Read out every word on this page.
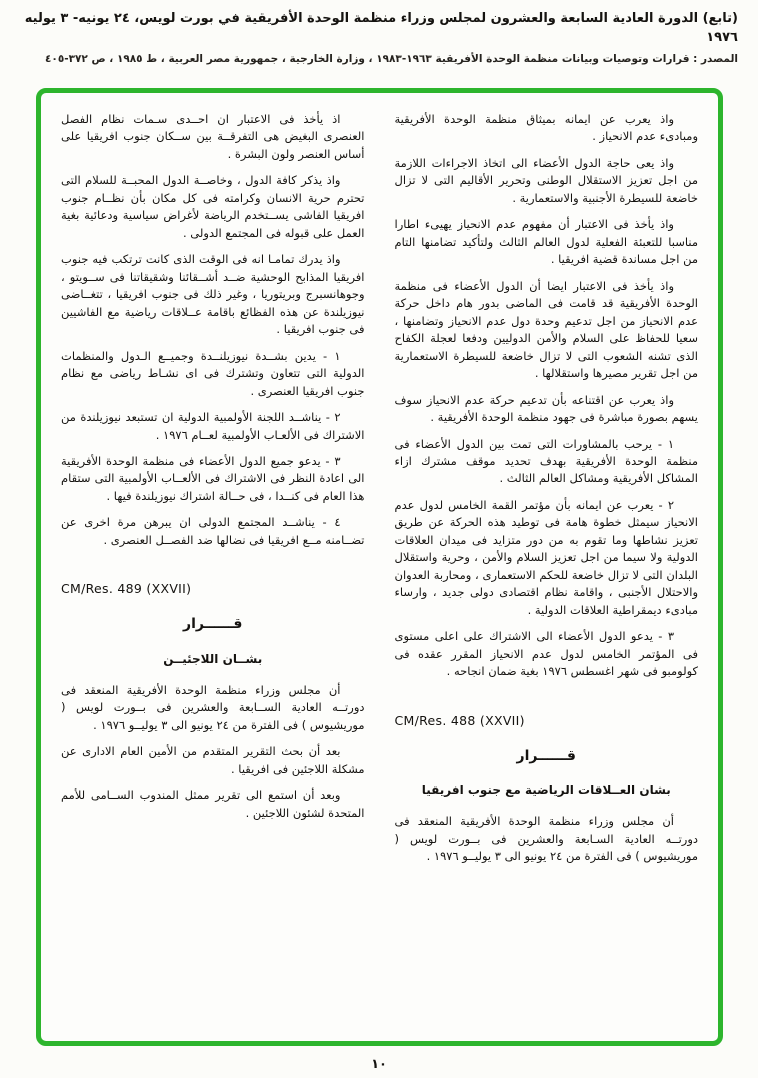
(تابع) الدورة العادية السابعة والعشرون لمجلس وزراء منظمة الوحدة الأفريقية في بورت لويس، ٢٤ يونيه- ٣ يوليه ١٩٧٦
المصدر : قرارات وتوصيات وبيانات منظمة الوحدة الأفريقية ١٩٦٣-١٩٨٣ ، وزارة الخارجية ، جمهورية مصر العربية ، ط ١٩٨٥ ، ص ٣٧٢-٤٠٥

واذ يعرب عن ايمانه بميثاق منظمة الوحدة الأفريقية ومبادىء عدم الانحياز .

واذ يعى حاجة الدول الأعضاء الى اتخاذ الاجراءات اللازمة من اجل تعزيز الاستقلال الوطنى وتحرير الأقاليم التى لا تزال خاضعة للسيطرة الأجنبية والاستعمارية .

واذ يأخذ فى الاعتبار أن مفهوم عدم الانحياز يهيىء اطارا مناسبا للتعبئة الفعلية لدول العالم الثالث ولتأكيد تضامنها التام من اجل مساندة قضية افريقيا .

واذ يأخذ فى الاعتبار ايضا أن الدول الأعضاء فى منظمة الوحدة الأفريقية قد قامت فى الماضى بدور هام داخل حركة عدم الانحياز من اجل تدعيم وحدة دول عدم الانحياز وتضامنها ، سعيا للحفاظ على السلام والأمن الدوليين ودفعا لعجلة الكفاح الذى تشنه الشعوب التى لا تزال خاضعة للسيطرة الاستعمارية من اجل تقرير مصيرها واستقلالها .

واذ يعرب عن اقتناعه بأن تدعيم حركة عدم الانحياز سوف يسهم بصورة مباشرة فى جهود منظمة الوحدة الأفريقية .

١ - يرحب بالمشاورات التى تمت بين الدول الأعضاء فى منظمة الوحدة الأفريقية بهدف تحديد موقف مشترك ازاء المشاكل الأفريقية ومشاكل العالم الثالث .

٢ - يعرب عن ايمانه بأن مؤتمر القمة الخامس لدول عدم الانحياز سيمثل خطوة هامة فى توطيد هذه الحركة عن طريق تعزيز نشاطها وما تقوم به من دور متزايد فى ميدان العلاقات الدولية ولا سيما من اجل تعزيز السلام والأمن ، وحرية واستقلال البلدان التى لا تزال خاضعة للحكم الاستعمارى ، ومحاربة العدوان والاحتلال الأجنبى ، واقامة نظام اقتصادى دولى جديد ، وارساء مبادىء ديمقراطية العلاقات الدولية .

٣ - يدعو الدول الأعضاء الى الاشتراك على اعلى مستوى فى المؤتمر الخامس لدول عدم الانحياز المقرر عقده فى كولومبو فى شهر اغسطس ١٩٧٦ بغية ضمان انجاحه .

CM/Res. 488 (XXVII)
قــــــرار
بشان العــلاقات الرياضية مع جنوب افريقيا

أن مجلس وزراء منظمة الوحدة الأفريقية المنعقد فى دورتــه العادية السـابعة والعشرين فى بــورت لويس ( موريشيوس ) فى الفترة من ٢٤ يونيو الى ٣ يوليــو ١٩٧٦ .

اذ يأخذ فى الاعتبار ان احــدى سـمات نظام الفصل العنصرى البغيض هى التفرقــة بين ســكان جنوب افريقيا على أساس العنصر ولون البشرة .

واذ يذكر كافة الدول ، وخاصــة الدول المحبــة للسلام التى تحترم حرية الانسان وكرامته فى كل مكان بأن نظــام جنوب افريقيا الفاشى يســتخدم الرياضة لأغراض سياسية ودعائية بغية العمل على قبوله فى المجتمع الدولى .

واذ يدرك تمامـا انه فى الوقت الذى كانت ترتكب فيه جنوب افريقيا المذابح الوحشية ضــد أشــقائنا وشقيقاتنا فى ســويتو ، وجوهانسبرج وبريتوريا ، وغير ذلك فى جنوب افريقيا ، تتغــاضى نيوزيلندة عن هذه الفظائع باقامة عــلاقات رياضية مع الفاشيين فى جنوب افريقيا .

١ - يدين بشــدة نيوزيلنــدة وجميــع الـدول والمنظمات الدولية التى تتعاون وتشترك فى اى نشـاط رياضى مع نظام جنوب افريقيا العنصرى .

٢ - يناشــد اللجنة الأولمبية الدولية ان تستبعد نيوزيلندة من الاشتراك فى الألعـاب الأولمبية لعــام ١٩٧٦ .

٣ - يدعو جميع الدول الأعضاء فى منظمة الوحدة الأفريقية الى اعادة النظر فى الاشتراك فى الألعــاب الأولمبية التى ستقام هذا العام فى كنــدا ، فى حــالة اشتراك نيوزيلندة فيها .

٤ - يناشــد المجتمع الدولى ان يبرهن مرة اخرى عن تضــامنه مــع افريقيا فى نضالها ضد الفصــل العنصرى .

CM/Res. 489 (XXVII)
قــــــرار
بشــان اللاجئيــن

أن مجلس وزراء منظمة الوحدة الأفريقية المنعقد فى دورتــه العادية الســابعة والعشرين فى بــورت لويس ( موريشيوس ) فى الفترة من ٢٤ يونيو الى ٣ يوليــو ١٩٧٦ .

بعد أن بحث التقرير المتقدم من الأمين العام الادارى عن مشكلة اللاجئين فى افريقيا .

وبعد أن استمع الى تقرير ممثل المندوب الســامى للأمم المتحدة لشئون اللاجئين .

١٠
